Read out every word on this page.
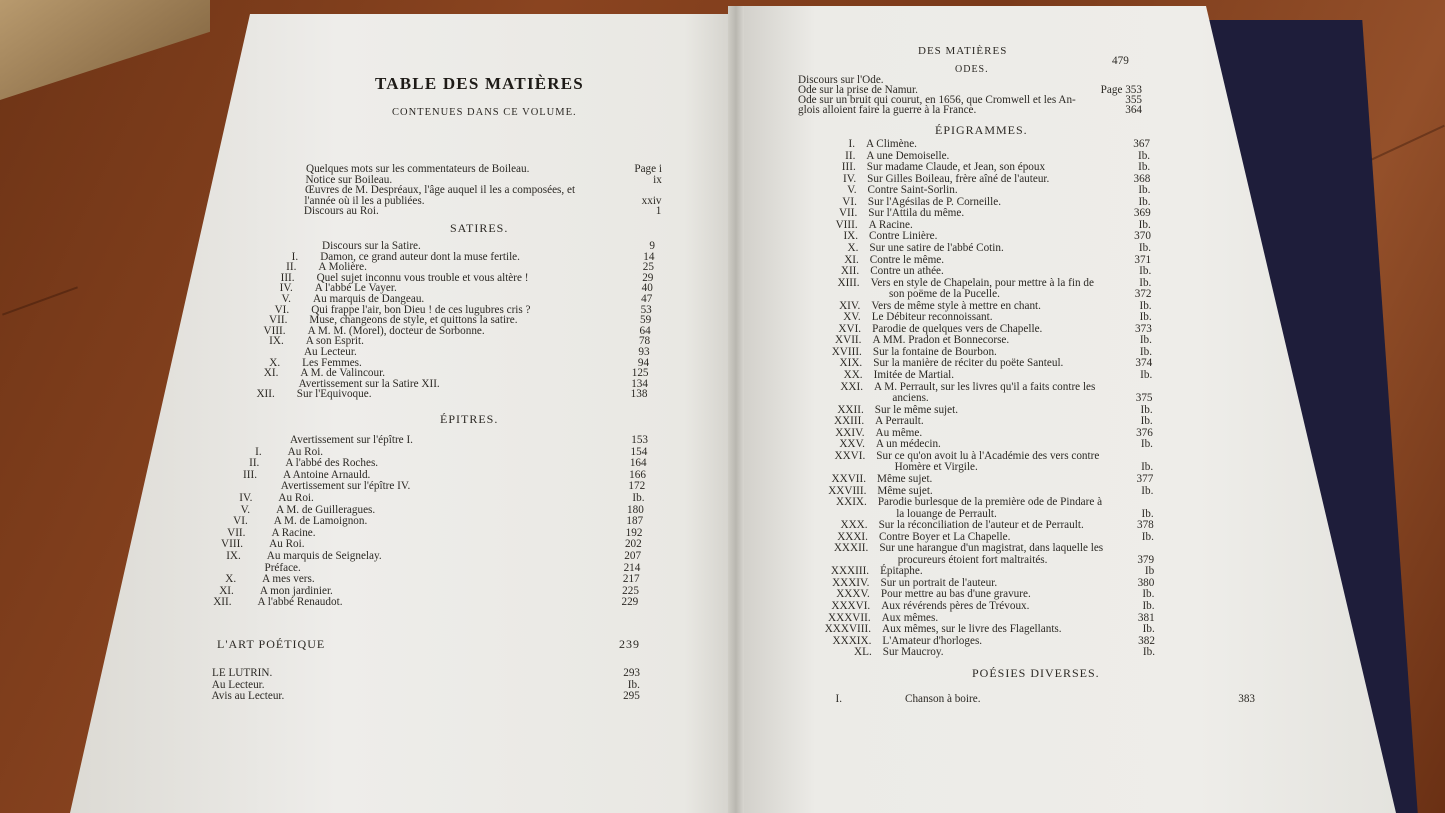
TABLE DES MATIÈRES
CONTENUES DANS CE VOLUME.
Quelques mots sur les commentateurs de Boileau.	Page i
Notice sur Boileau.	ix
Œuvres de M. Despréaux, l'âge auquel il les a composées, et
l'année où il les a publiées.	xxiv
Discours au Roi.	1
SATIRES.
Discours sur la Satire.	9
I. Damon, ce grand auteur dont la muse fertile.	14
II. A Molière.	25
III. Quel sujet inconnu vous trouble et vous altère !	29
IV. A l'abbé Le Vayer.	40
V. Au marquis de Dangeau.	47
VI. Qui frappe l'air, bon Dieu ! de ces lugubres cris ?	53
VII. Muse, changeons de style, et quittons la satire.	59
VIII. A M. M. (Morel), docteur de Sorbonne.	64
IX. A son Esprit.	78
Au Lecteur.	93
X. Les Femmes.	94
XI. A M. de Valincour.	125
Avertissement sur la Satire XII.	134
XII. Sur l'Equivoque.	138
ÉPITRES.
Avertissement sur l'épître I.	153
I. Au Roi.	154
II. A l'abbé des Roches.	164
III. A Antoine Arnauld.	166
Avertissement sur l'épître IV.	172
IV. Au Roi.	Ib.
V. A M. de Guilleragues.	180
VI. A M. de Lamoignon.	187
VII. A Racine.	192
VIII. Au Roi.	202
IX. Au marquis de Seignelay.	207
Préface.	214
X. A mes vers.	217
XI. A mon jardinier.	225
XII. A l'abbé Renaudot.	229
L'ART POÉTIQUE	239
LE LUTRIN.	293
Au Lecteur.	Ib.
Avis au Lecteur.	295
DES MATIÈRES
479
ODES.
Discours sur l'Ode.
Ode sur la prise de Namur.	Page 353
Ode sur un bruit qui courut, en 1656, que Cromwell et les An-	355
glois alloient faire la guerre à la France.	364
ÉPIGRAMMES.
I. A Climène.	367
II. A une Demoiselle.	Ib.
III. Sur madame Claude, et Jean, son époux	Ib.
IV. Sur Gilles Boileau, frère aîné de l'auteur.	368
V. Contre Saint-Sorlin.	Ib.
VI. Sur l'Agésilas de P. Corneille.	Ib.
VII. Sur l'Attila du même.	369
VIII. A Racine.	Ib.
IX. Contre Linière.	370
X. Sur une satire de l'abbé Cotin.	Ib.
XI. Contre le même.	371
XII. Contre un athée.	Ib.
XIII. Vers en style de Chapelain, pour mettre à la fin de	Ib.
son poëme de la Pucelle.	372
XIV. Vers de même style à mettre en chant.	Ib.
XV. Le Débiteur reconnoissant.	Ib.
XVI. Parodie de quelques vers de Chapelle.	373
XVII. A MM. Pradon et Bonnecorse.	Ib.
XVIII. Sur la fontaine de Bourbon.	Ib.
XIX. Sur la manière de réciter du poëte Santeul.	374
XX. Imitée de Martial.	Ib.
XXI. A M. Perrault, sur les livres qu'il a faits contre les
anciens.	375
XXII. Sur le même sujet.	Ib.
XXIII. A Perrault.	Ib.
XXIV. Au même.	376
XXV. A un médecin.	Ib.
XXVI. Sur ce qu'on avoit lu à l'Académie des vers contre
Homère et Virgile.	Ib.
XXVII. Même sujet.	377
XXVIII. Même sujet.	Ib.
XXIX. Parodie burlesque de la première ode de Pindare à
la louange de Perrault.	Ib.
XXX. Sur la réconciliation de l'auteur et de Perrault.	378
XXXI. Contre Boyer et La Chapelle.	Ib.
XXXII. Sur une harangue d'un magistrat, dans laquelle les
procureurs étoient fort maltraités.	379
XXXIII. Épitaphe.	Ib
XXXIV. Sur un portrait de l'auteur.	380
XXXV. Pour mettre au bas d'une gravure.	Ib.
XXXVI. Aux révérends pères de Trévoux.	Ib.
XXXVII. Aux mêmes.	381
XXXVIII. Aux mêmes, sur le livre des Flagellants.	Ib.
XXXIX. L'Amateur d'horloges.	382
XL. Sur Maucroy.	Ib.
POÉSIES DIVERSES.
I.	Chanson à boire.	383
